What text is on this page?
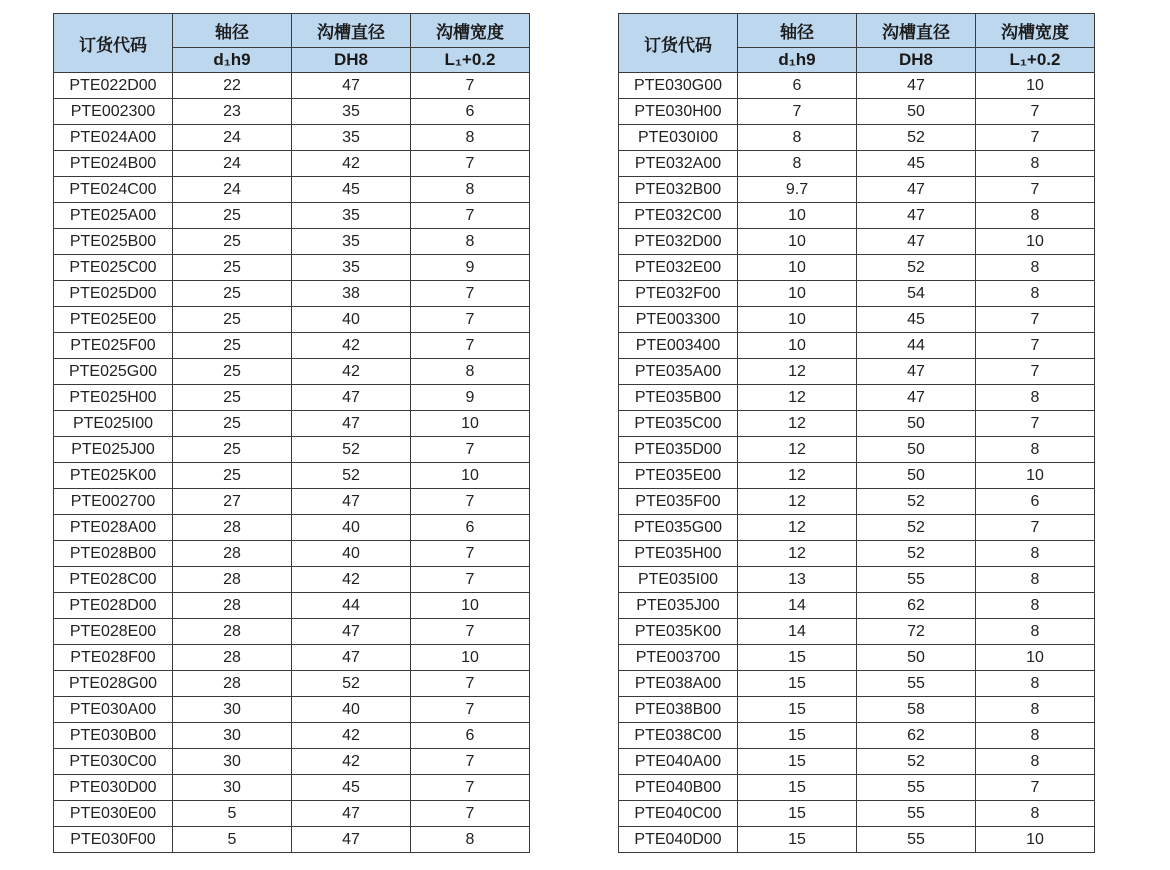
订货代码	轴径	沟槽直径	沟槽宽度
	d₁h9	DH8	L₁+0.2
PTE022D00	22	47	7
PTE002300	23	35	6
PTE024A00	24	35	8
PTE024B00	24	42	7
PTE024C00	24	45	8
PTE025A00	25	35	7
PTE025B00	25	35	8
PTE025C00	25	35	9
PTE025D00	25	38	7
PTE025E00	25	40	7
PTE025F00	25	42	7
PTE025G00	25	42	8
PTE025H00	25	47	9
PTE025I00	25	47	10
PTE025J00	25	52	7
PTE025K00	25	52	10
PTE002700	27	47	7
PTE028A00	28	40	6
PTE028B00	28	40	7
PTE028C00	28	42	7
PTE028D00	28	44	10
PTE028E00	28	47	7
PTE028F00	28	47	10
PTE028G00	28	52	7
PTE030A00	30	40	7
PTE030B00	30	42	6
PTE030C00	30	42	7
PTE030D00	30	45	7
PTE030E00	5	47	7
PTE030F00	5	47	8
订货代码	轴径	沟槽直径	沟槽宽度
	d₁h9	DH8	L₁+0.2
PTE030G00	6	47	10
PTE030H00	7	50	7
PTE030I00	8	52	7
PTE032A00	8	45	8
PTE032B00	9.7	47	7
PTE032C00	10	47	8
PTE032D00	10	47	10
PTE032E00	10	52	8
PTE032F00	10	54	8
PTE003300	10	45	7
PTE003400	10	44	7
PTE035A00	12	47	7
PTE035B00	12	47	8
PTE035C00	12	50	7
PTE035D00	12	50	8
PTE035E00	12	50	10
PTE035F00	12	52	6
PTE035G00	12	52	7
PTE035H00	12	52	8
PTE035I00	13	55	8
PTE035J00	14	62	8
PTE035K00	14	72	8
PTE003700	15	50	10
PTE038A00	15	55	8
PTE038B00	15	58	8
PTE038C00	15	62	8
PTE040A00	15	52	8
PTE040B00	15	55	7
PTE040C00	15	55	8
PTE040D00	15	55	10
